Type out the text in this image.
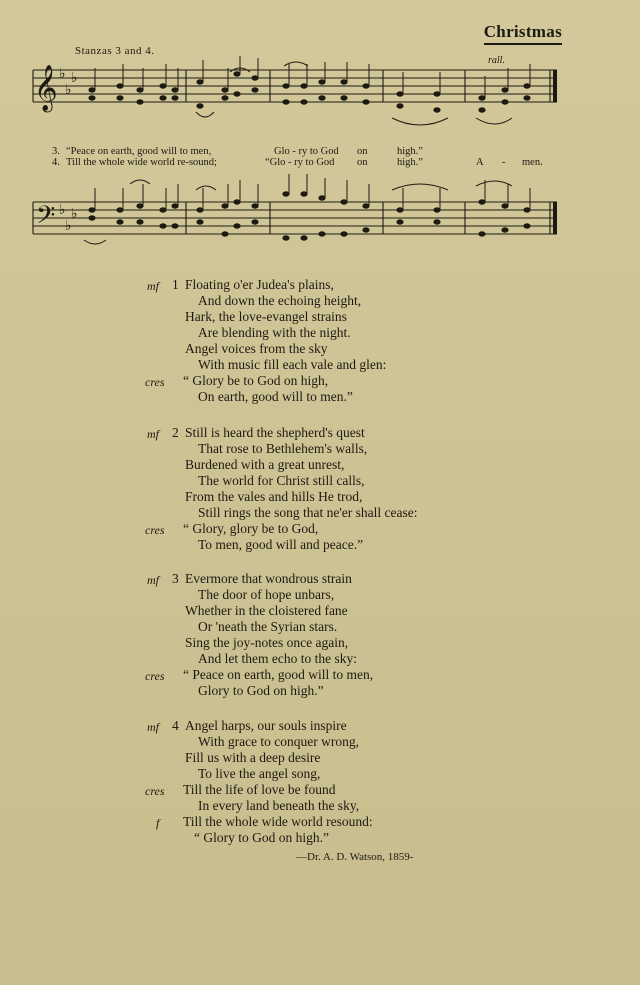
Christmas
Stanzas 3 and 4.
rall.
𝄞
𝄢
♭
♭
♭
♭
♭
♭
3. “Peace on earth, good will to men,	Glo - ry to God on	high.”
4. Till the whole wide world re-sound;	“Glo - ry to God on	high.”	A - men.
mf 1 Floating o'er Judea's plains,
And down the echoing height,
Hark, the love-evangel strains
Are blending with the night.
Angel voices from the sky
With music fill each vale and glen:
cres “ Glory be to God on high,
On earth, good will to men.”
mf 2 Still is heard the shepherd's quest
That rose to Bethlehem's walls,
Burdened with a great unrest,
The world for Christ still calls,
From the vales and hills He trod,
Still rings the song that ne'er shall cease:
cres “ Glory, glory be to God,
To men, good will and peace.”
mf 3 Evermore that wondrous strain
The door of hope unbars,
Whether in the cloistered fane
Or 'neath the Syrian stars.
Sing the joy-notes once again,
And let them echo to the sky:
cres “ Peace on earth, good will to men,
Glory to God on high.”
mf 4 Angel harps, our souls inspire
With grace to conquer wrong,
Fill us with a deep desire
To live the angel song,
cres Till the life of love be found
In every land beneath the sky,
f Till the whole wide world resound:
“ Glory to God on high.”
—Dr. A. D. Watson, 1859-
